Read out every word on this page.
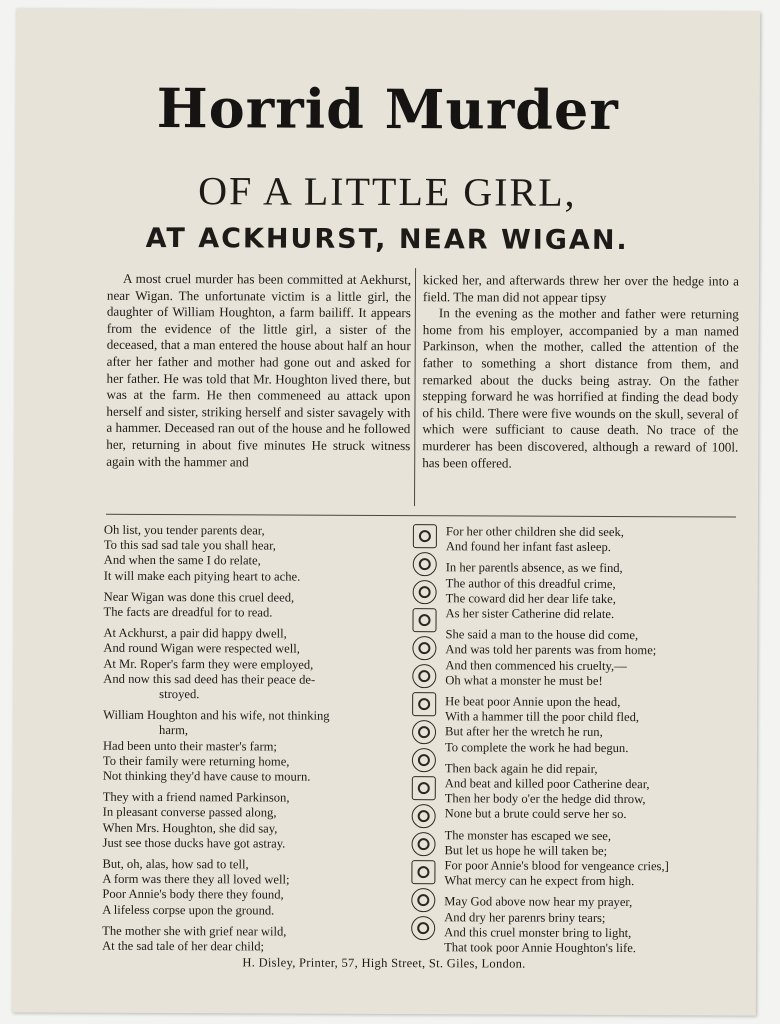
Horrid Murder
OF A LITTLE GIRL,
AT ACKHURST, NEAR WIGAN.

A most cruel murder has been committed at Aekhurst, near Wigan. The unfortunate victim is a little girl, the daughter of William Houghton, a farm bailiff. It appears from the evidence of the little girl, a sister of the deceased, that a man entered the house about half an hour after her father and mother had gone out and asked for her father. He was told that Mr. Houghton lived there, but was at the farm. He then commeneed au attack upon herself and sister, striking herself and sister savagely with a hammer. Deceased ran out of the house and he followed her, returning in about five minutes He struck witness again with the hammer and

kicked her, and afterwards threw her over the hedge into a field. The man did not appear tipsy

In the evening as the mother and father were returning home from his employer, accompanied by a man named Parkinson, when the mother, called the attention of the father to something a short distance from them, and remarked about the ducks being astray. On the father stepping forward he was horrified at finding the dead body of his child. There were five wounds on the skull, several of which were sufficiant to cause death. No trace of the murderer has been discovered, although a reward of 100l. has been offered.

Oh list, you tender parents dear,
To this sad sad tale you shall hear,
And when the same I do relate,
It will make each pitying heart to ache.
Near Wigan was done this cruel deed,
The facts are dreadful for to read.
At Ackhurst, a pair did happy dwell,
And round Wigan were respected well,
At Mr. Roper's farm they were employed,
And now this sad deed has their peace de-
stroyed.
William Houghton and his wife, not thinking
harm,
Had been unto their master's farm;
To their family were returning home,
Not thinking they'd have cause to mourn.
They with a friend named Parkinson,
In pleasant converse passed along,
When Mrs. Houghton, she did say,
Just see those ducks have got astray.
But, oh, alas, how sad to tell,
A form was there they all loved well;
Poor Annie's body there they found,
A lifeless corpse upon the ground.
The mother she with grief near wild,
At the sad tale of her dear child;
For her other children she did seek,
And found her infant fast asleep.
In her parentls absence, as we find,
The author of this dreadful crime,
The coward did her dear life take,
As her sister Catherine did relate.
She said a man to the house did come,
And was told her parents was from home;
And then commenced his cruelty,—
Oh what a monster he must be!
He beat poor Annie upon the head,
With a hammer till the poor child fled,
But after her the wretch he run,
To complete the work he had begun.
Then back again he did repair,
And beat and killed poor Catherine dear,
Then her body o'er the hedge did throw,
None but a brute could serve her so.
The monster has escaped we see,
But let us hope he will taken be;
For poor Annie's blood for vengeance cries,]
What mercy can he expect from high.
May God above now hear my prayer,
And dry her parenrs briny tears;
And this cruel monster bring to light,
That took poor Annie Houghton's life.
H. Disley, Printer, 57, High Street, St. Giles, London.
